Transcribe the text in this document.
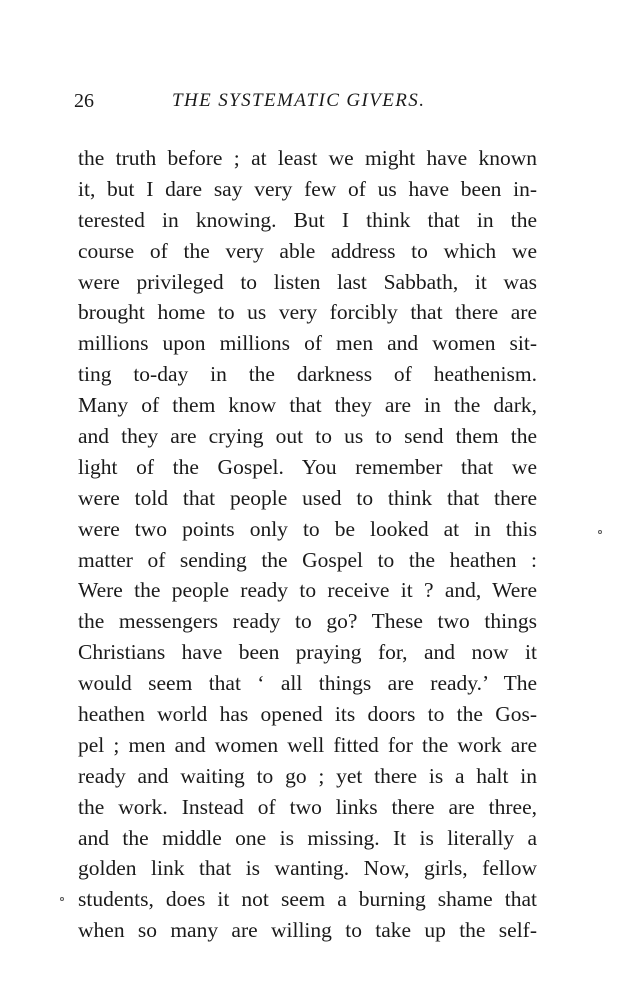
26	THE SYSTEMATIC GIVERS.
the truth before ; at least we might have known
it, but I dare say very few of us have been in-
terested in knowing. But I think that in the
course of the very able address to which we
were privileged to listen last Sabbath, it was
brought home to us very forcibly that there are
millions upon millions of men and women sit-
ting to-day in the darkness of heathenism.
Many of them know that they are in the dark,
and they are crying out to us to send them the
light of the Gospel. You remember that we
were told that people used to think that there
were two points only to be looked at in this
matter of sending the Gospel to the heathen :
Were the people ready to receive it ? and, Were
the messengers ready to go? These two things
Christians have been praying for, and now it
would seem that ‘ all things are ready.’ The
heathen world has opened its doors to the Gos-
pel ; men and women well fitted for the work are
ready and waiting to go ; yet there is a halt in
the work. Instead of two links there are three,
and the middle one is missing. It is literally a
golden link that is wanting. Now, girls, fellow
students, does it not seem a burning shame that
when so many are willing to take up the self-
